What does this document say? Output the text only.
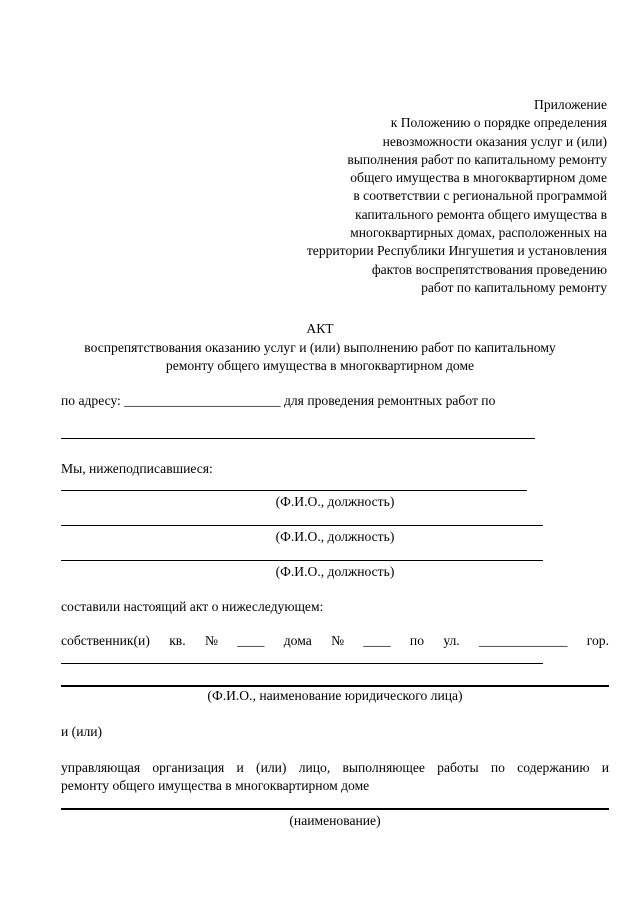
Приложение
к Положению о порядке определения
невозможности оказания услуг и (или)
выполнения работ по капитальному ремонту
общего имущества в многоквартирном доме
в соответствии с региональной программой
капитального ремонта общего имущества в
многоквартирных домах, расположенных на
территории Республики Ингушетия и установления
фактов воспрепятствования проведению
работ по капитальному ремонту
АКТ
воспрепятствования оказанию услуг и (или) выполнению работ по капитальному
ремонту общего имущества в многоквартирном доме
по адресу: _______________________ для проведения ремонтных работ по
Мы, нижеподписавшиеся:
(Ф.И.О., должность)
(Ф.И.О., должность)
(Ф.И.О., должность)
составили настоящий акт о нижеследующем:
собственник(и) кв. № ____ дома № ____ по ул. _____________ гор.
(Ф.И.О., наименование юридического лица)
и (или)
управляющая организация и (или) лицо, выполняющее работы по содержанию и
ремонту общего имущества в многоквартирном доме
(наименование)
